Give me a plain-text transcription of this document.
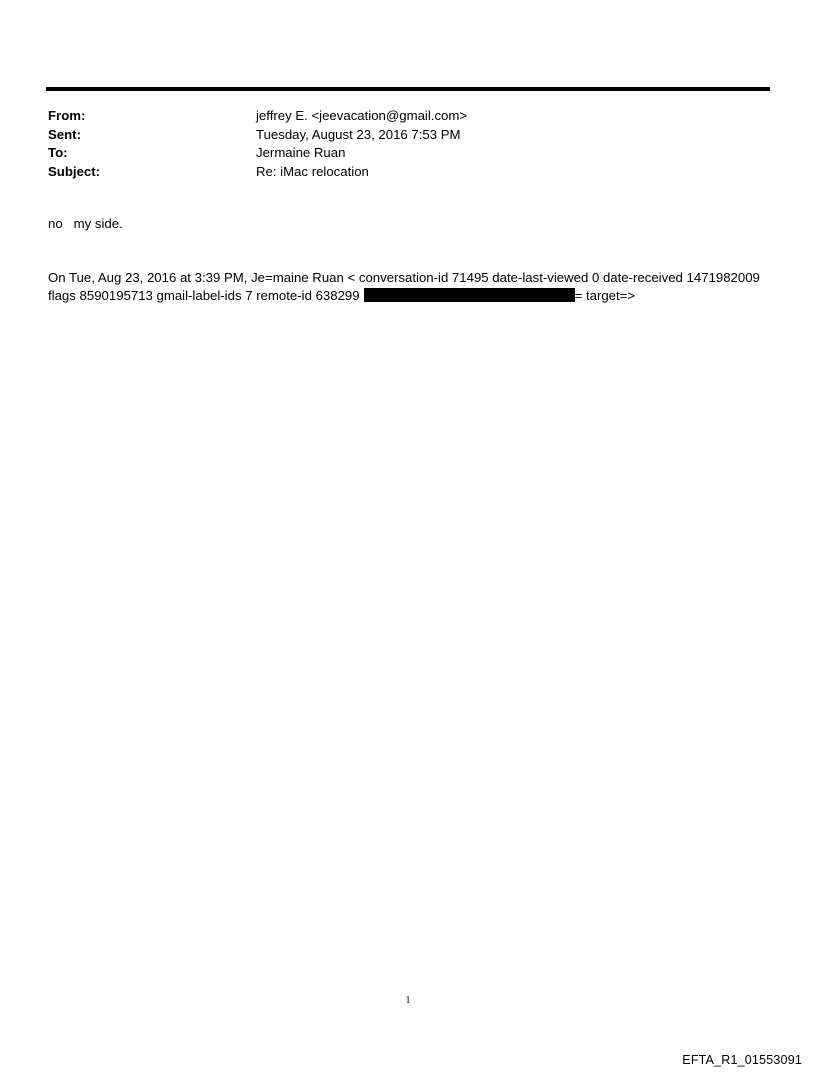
From:	jeffrey E. <jeevacation@gmail.com>
Sent:	Tuesday, August 23, 2016 7:53 PM
To:	Jermaine Ruan
Subject:	Re: iMac relocation
no   my side.
On Tue, Aug 23, 2016 at 3:39 PM, Je=maine Ruan < conversation-id 71495 date-last-viewed 0 date-received 1471982009
flags 8590195713 gmail-label-ids 7 remote-id 638299	= target=>
1
EFTA_R1_01553091
